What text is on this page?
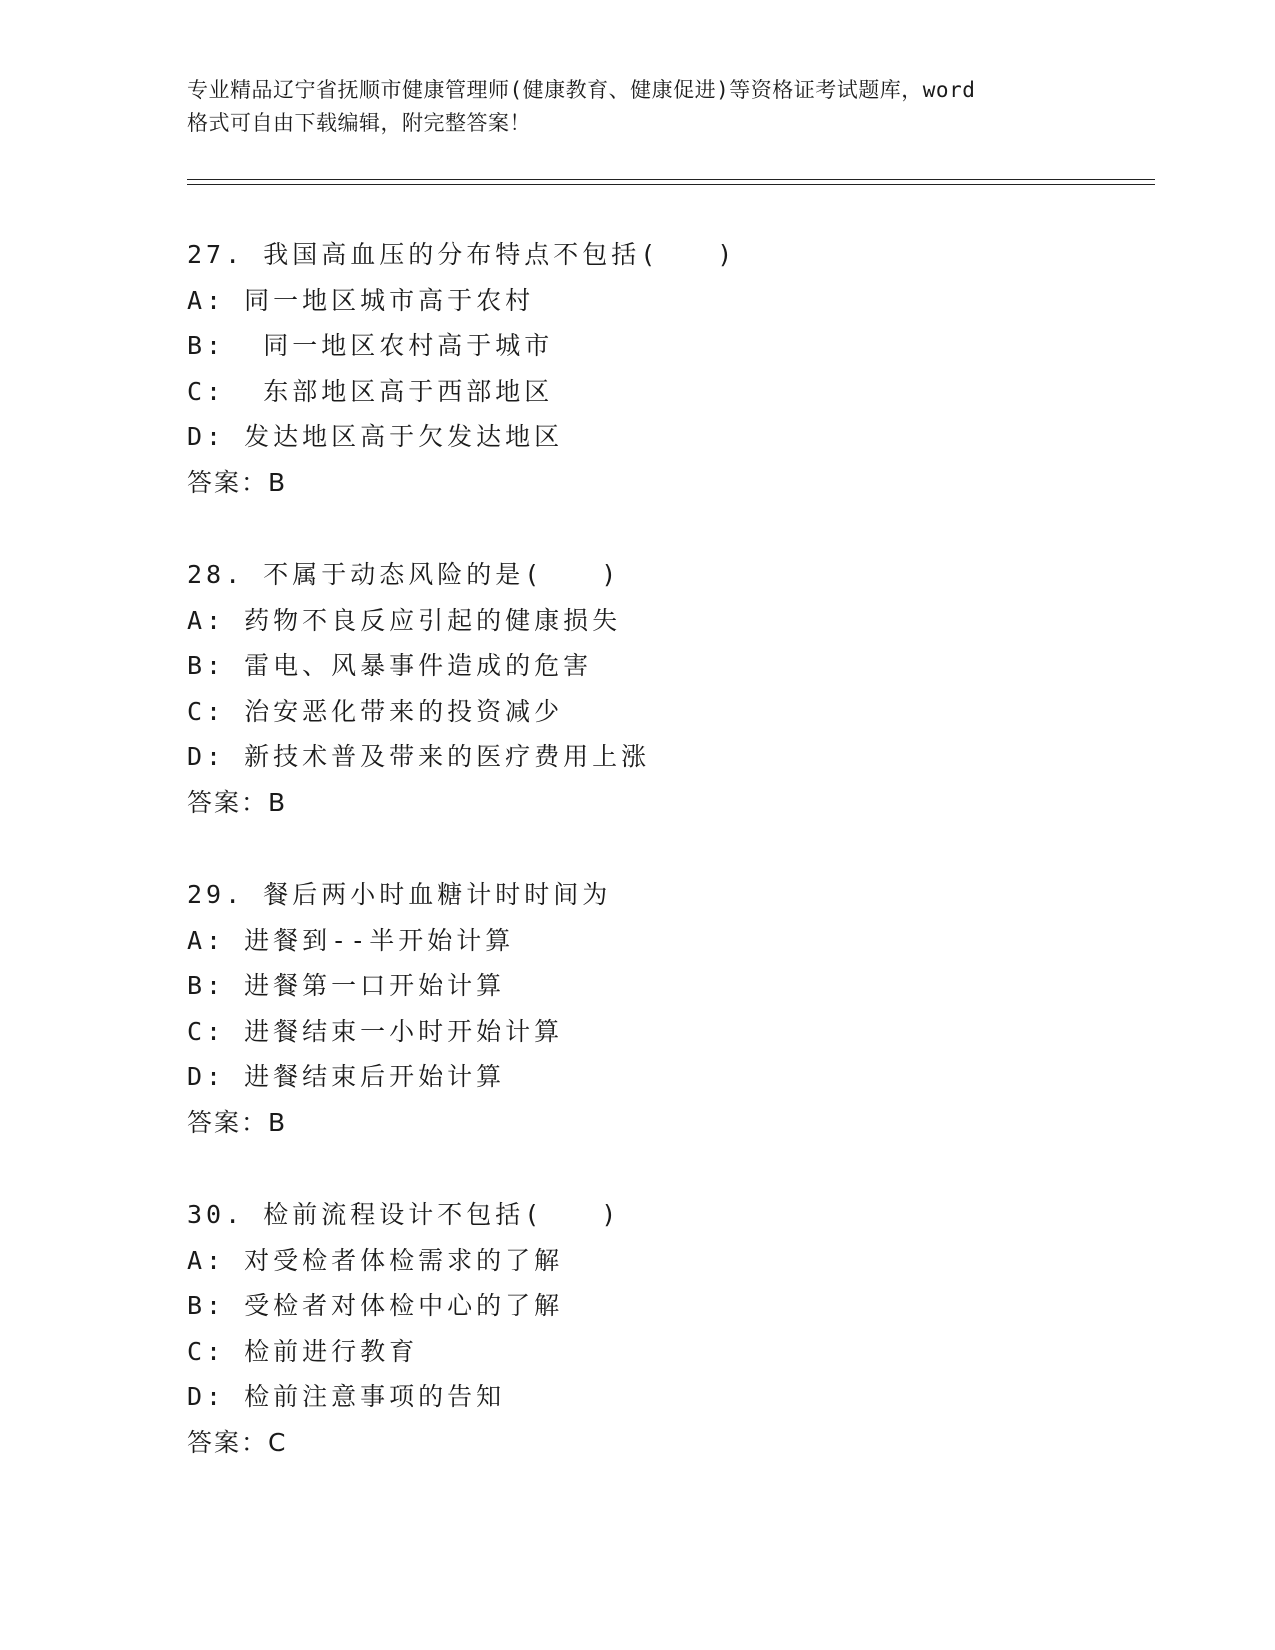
专业精品辽宁省抚顺市健康管理师(健康教育、健康促进)等资格证考试题库，word
格式可自由下载编辑，附完整答案！
27. 我国高血压的分布特点不包括(　　)
A: 同一地区城市高于农村
B:  同一地区农村高于城市
C:  东部地区高于西部地区
D: 发达地区高于欠发达地区
答案：B
28. 不属于动态风险的是(　　)
A: 药物不良反应引起的健康损失
B: 雷电、风暴事件造成的危害
C: 治安恶化带来的投资减少
D: 新技术普及带来的医疗费用上涨
答案：B
29. 餐后两小时血糖计时时间为
A: 进餐到--半开始计算
B: 进餐第一口开始计算
C: 进餐结束一小时开始计算
D: 进餐结束后开始计算
答案：B
30. 检前流程设计不包括(　　)
A: 对受检者体检需求的了解
B: 受检者对体检中心的了解
C: 检前进行教育
D: 检前注意事项的告知
答案：C
